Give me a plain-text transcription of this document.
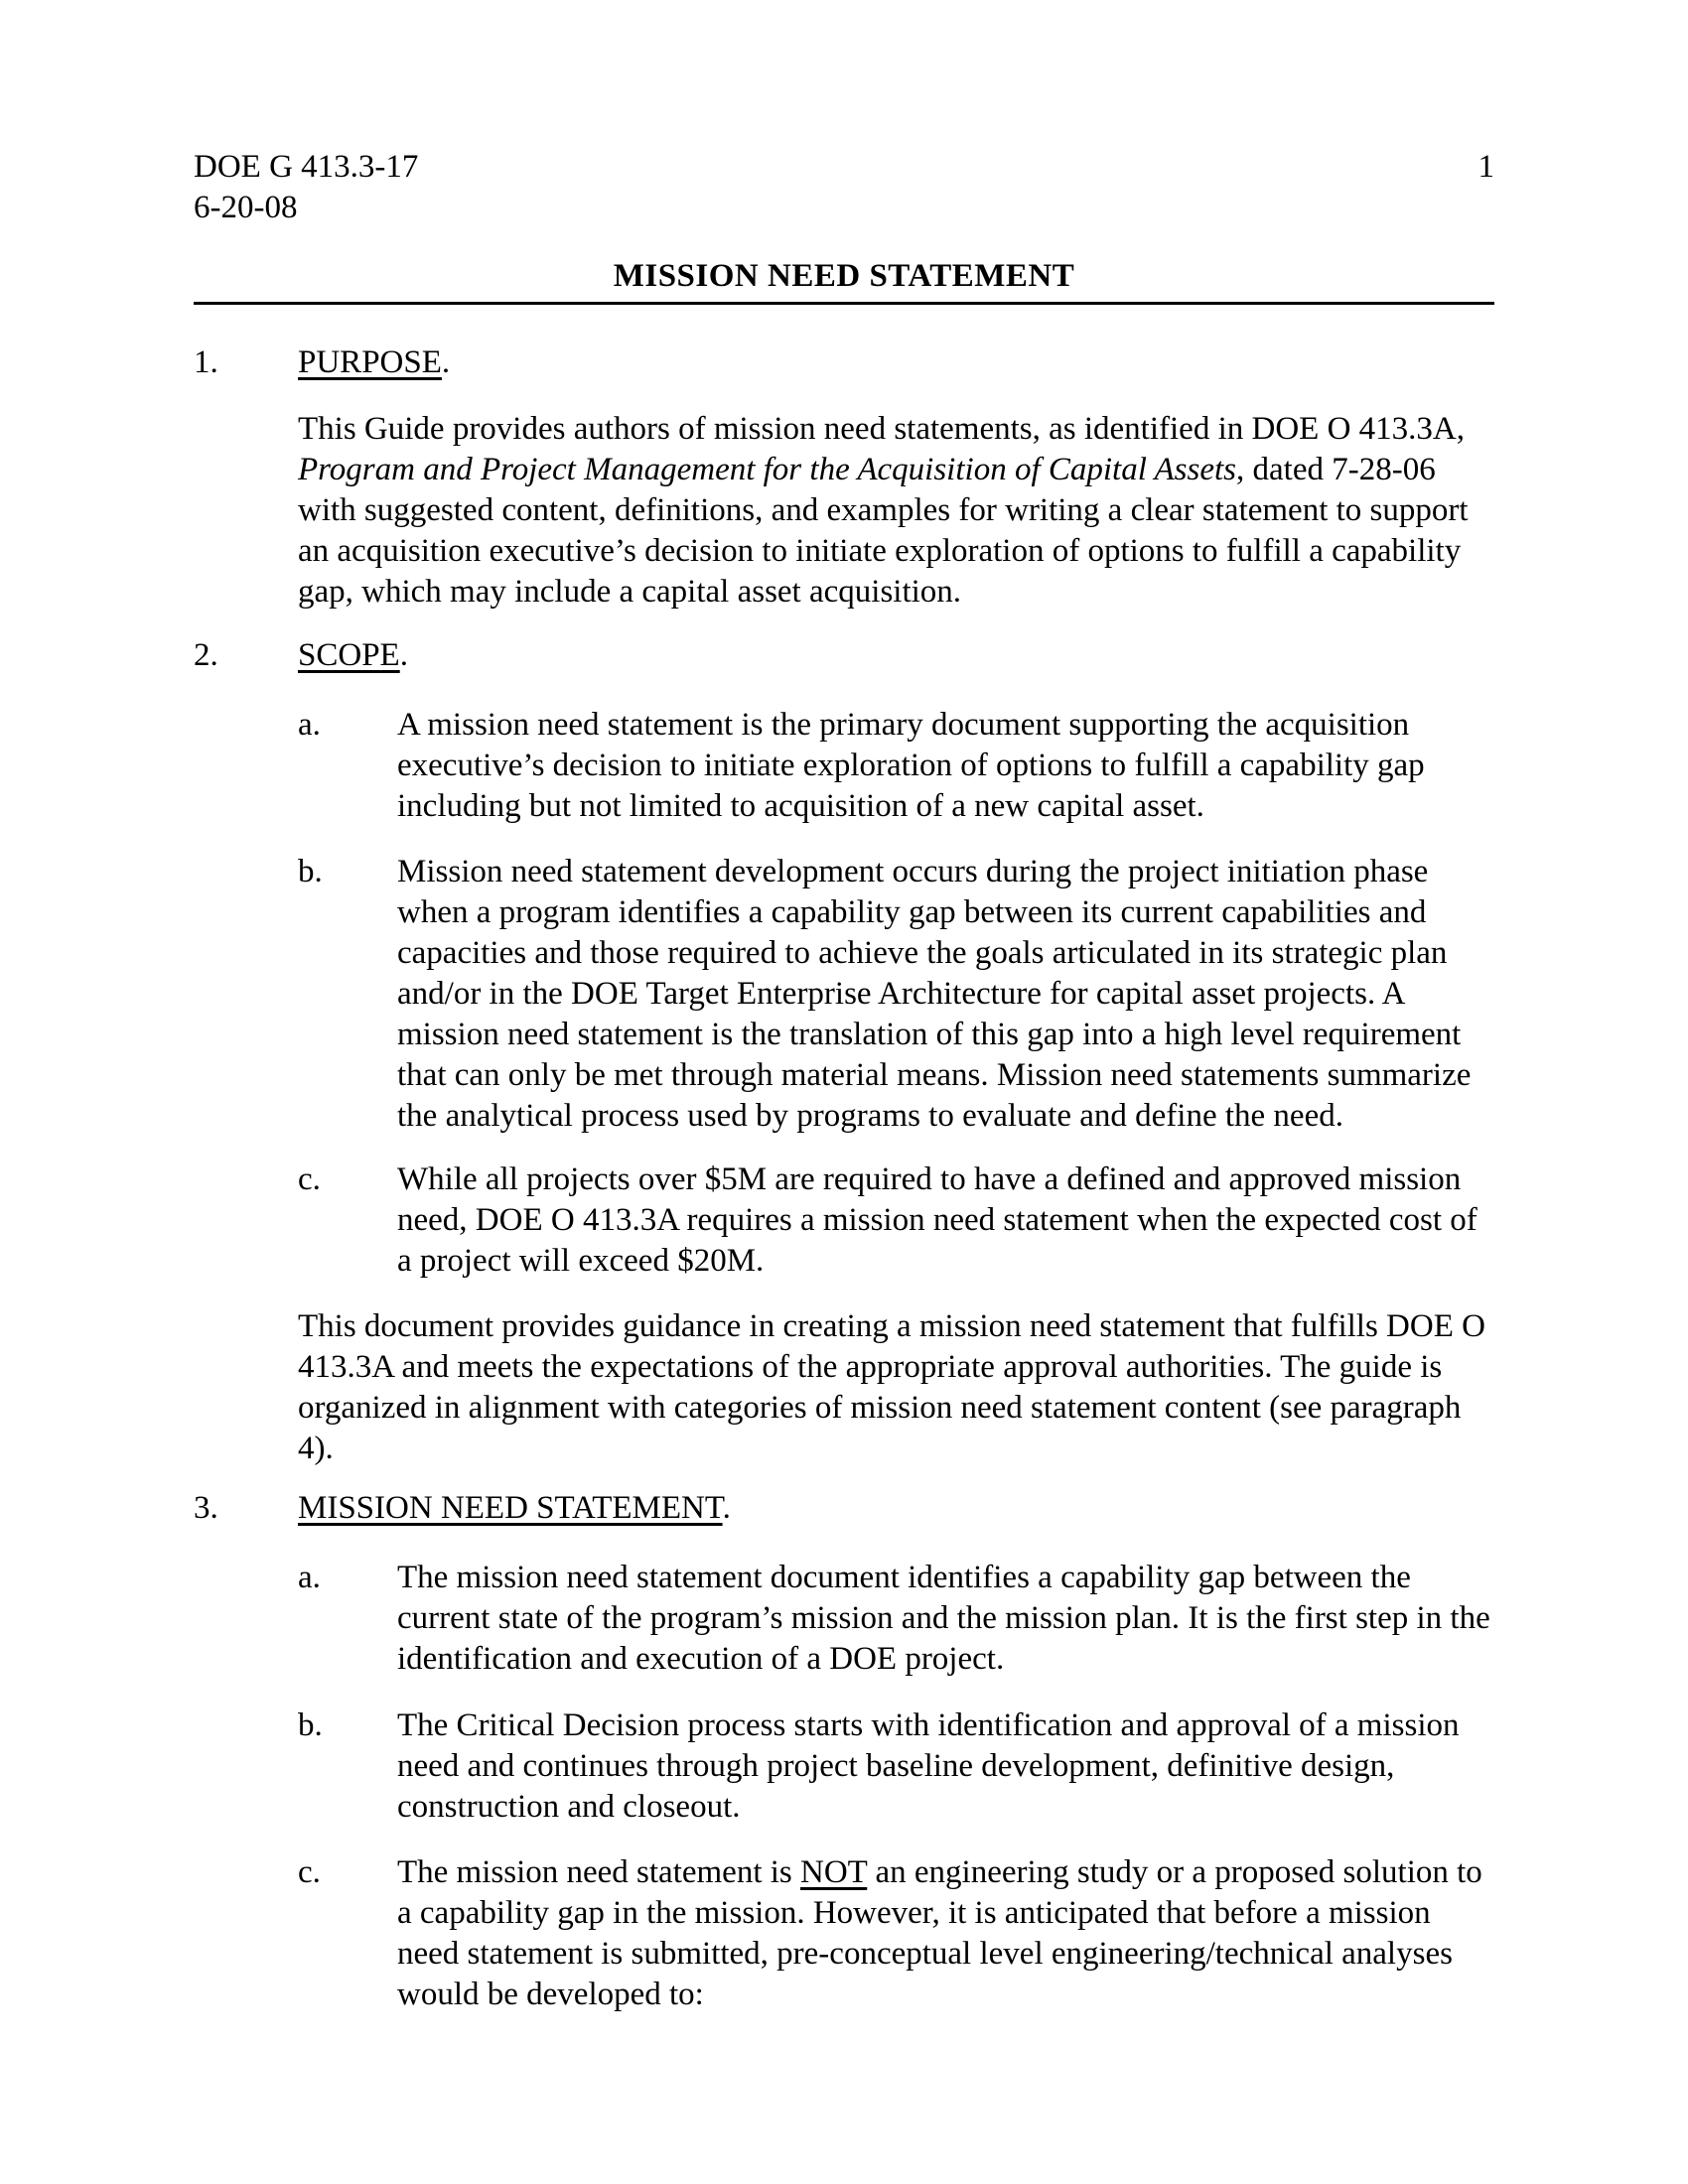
DOE G 413.3-17
6-20-08
1
MISSION NEED STATEMENT
1.	PURPOSE.
This Guide provides authors of mission need statements, as identified in DOE O 413.3A, Program and Project Management for the Acquisition of Capital Assets, dated 7-28-06 with suggested content, definitions, and examples for writing a clear statement to support an acquisition executive’s decision to initiate exploration of options to fulfill a capability gap, which may include a capital asset acquisition.
2.	SCOPE.
a.	A mission need statement is the primary document supporting the acquisition executive’s decision to initiate exploration of options to fulfill a capability gap including but not limited to acquisition of a new capital asset.
b.	Mission need statement development occurs during the project initiation phase when a program identifies a capability gap between its current capabilities and capacities and those required to achieve the goals articulated in its strategic plan and/or in the DOE Target Enterprise Architecture for capital asset projects. A mission need statement is the translation of this gap into a high level requirement that can only be met through material means. Mission need statements summarize the analytical process used by programs to evaluate and define the need.
c.	While all projects over $5M are required to have a defined and approved mission need, DOE O 413.3A requires a mission need statement when the expected cost of a project will exceed $20M.
This document provides guidance in creating a mission need statement that fulfills DOE O 413.3A and meets the expectations of the appropriate approval authorities. The guide is organized in alignment with categories of mission need statement content (see paragraph 4).
3.	MISSION NEED STATEMENT.
a.	The mission need statement document identifies a capability gap between the current state of the program’s mission and the mission plan. It is the first step in the identification and execution of a DOE project.
b.	The Critical Decision process starts with identification and approval of a mission need and continues through project baseline development, definitive design, construction and closeout.
c.	The mission need statement is NOT an engineering study or a proposed solution to a capability gap in the mission. However, it is anticipated that before a mission need statement is submitted, pre-conceptual level engineering/technical analyses would be developed to:
